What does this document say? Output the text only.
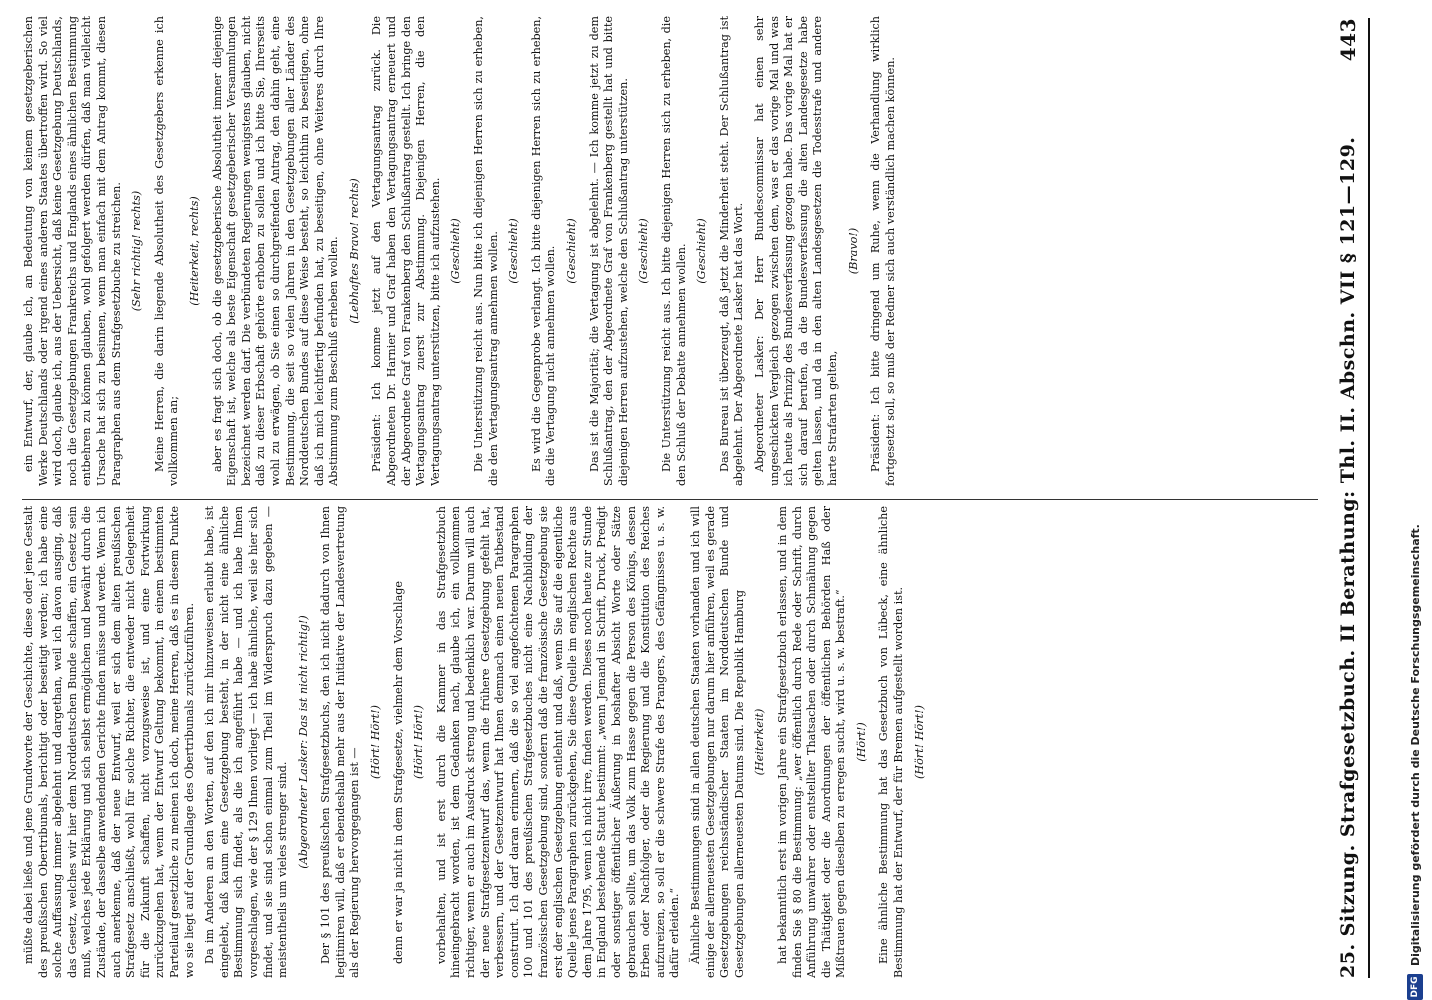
müßte dabei ließe und jene Grundworte der Geschichte, diese oder jene Gestalt des preußischen Obertribunals, berichtigt oder beseitigt werden; ich habe eine solche Auffassung immer abgelehnt und dargethan, weil ich davon ausging, daß das Gesetz, welches wir hier dem Norddeutschen Bunde schaffen, ein Gesetz sein muß, welches jede Erklärung und sich selbst ermöglichen und bewährt durch die Zustände, der dasselbe anwendenden Gerichte finden müsse und werde. Wenn ich auch anerkenne, daß der neue Entwurf, weil er sich dem alten preußischen Strafgesetz anschließt, wohl für solche Richter, die entweder nicht Gelegenheit für die Zukunft schaffen, nicht vorzugsweise ist, und eine Fortwirkung zurückzugehen hat, wenn der Entwurf Geltung bekommt, in einem bestimmten Parteilauf gesetzliche zu meinen ich doch, meine Herren, daß es in diesem Punkte wo sie liegt auf der Grundlage des Obertribunals zurückzuführen. Da im Anderen an den Worten, auf den ich mir hinzuweisen erlaubt habe, ist eingelebt, daß kaum eine Gesetzgebung besteht, in der nicht eine ähnliche Bestimmung sich findet, als die ich angeführt habe — und ich habe Ihnen vorgeschlagen, wie der § 129 Ihnen vorliegt — ich habe ähnliche, weil sie hier sich findet, und sie sind schon einmal zum Theil im Widerspruch dazu gegeben — meistentheils um vieles strenger sind.

(Abgeordneter Lasker: Das ist nicht richtig!) Der § 101 des preußischen Strafgesetzbuchs, den ich nicht dadurch von Ihnen legitimiren will, daß er ebendeshalb mehr aus der Initiative der Landesvertretung als der Regierung hervorgegangen ist —

(Hört! Hört!) denn er war ja nicht in dem Strafgesetze, vielmehr dem Vorschlage (Hört! Hört!) vorbehalten, und ist erst durch die Kammer in das Strafgesetzbuch hineingebracht worden, ist dem Gedanken nach, glaube ich, ein vollkommen richtiger, wenn er auch im Ausdruck streng und bedenklich war. Darum will auch der neue Strafgesetzentwurf das, wenn die frühere Gesetzgebung gefehlt hat, verbessern, und der Gesetzentwurf hat Ihnen demnach einen neuen Tatbestand construirt. Ich darf daran erinnern, daß die so viel angefochtenen Paragraphen 100 und 101 des preußischen Strafgesetzbuches nicht eine Nachbildung der französischen Gesetzgebung sind, sondern daß die französische Gesetzgebung sie erst der englischen Gesetzgebung entlehnt und daß, wenn Sie auf die eigentliche Quelle jenes Paragraphen zurückgehen, Sie diese Quelle im englischen Rechte aus dem Jahre 1795, wenn ich nicht irre, finden werden. Dieses noch heute zur Stunde in England bestehende Statut bestimmt: „wenn Jemand in Schrift, Druck, Predigt oder sonstiger öffentlicher Äußerung in boshafter Absicht Worte oder Sätze gebrauchen sollte, um das Volk zum Hasse gegen die Person des Königs, dessen Erben oder Nachfolger, oder die Regierung und die Konstitution des Reiches aufzureizen, so soll er die schwere Strafe des Prangers, des Gefängnisses u. s. w. dafür erleiden.“ Ähnliche Bestimmungen sind in allen deutschen Staaten vorhanden und ich will einige der allerneuesten Gesetzgebungen nur darum hier anführen, weil es gerade Gesetzgebungen reichsständischer Staaten im Norddeutschen Bunde und Gesetzgebungen allerneuesten Datums sind. Die Republik Hamburg (Heiterkeit) hat bekanntlich erst im vorigen Jahre ein Strafgesetzbuch erlassen, und in dem finden Sie § 80 die Bestimmung: „wer öffentlich durch Rede oder Schrift, durch Anführung unwahrer oder entstellter Thatsachen oder durch Schmähung gegen die Thätigkeit oder die Anordnungen der öffentlichen Behörden Haß oder Mißtrauen gegen dieselben zu erregen sucht, wird u. s. w. bestraft.“ (Hört!) Eine ähnliche Bestimmung hat das Gesetzbuch von Lübeck, eine ähnliche Bestimmung hat der Entwurf, der für Bremen aufgestellt worden ist. (Hört! Hört!)

ein Entwurf, der, glaube ich, an Bedeutung von keinem gesetzgeberischen Werke Deutschlands oder irgend eines anderen Staates übertroffen wird. So viel wird doch, glaube ich, aus der Uebersicht, daß keine Gesetzgebung Deutschlands, noch die Gesetzgebungen Frankreichs und Englands eines ähnlichen Bestimmung entbehren zu können glauben, wohl gefolgert werden dürfen, daß man vielleicht Ursache hat sich zu besinnen, wenn man einfach mit dem Antrag kommt, diesen Paragraphen aus dem Strafgesetzbuche zu streichen. (Sehr richtig! rechts) Meine Herren, die darin liegende Absolutheit des Gesetzgebers erkenne ich vollkommen an;

(Heiterkeit, rechts) aber es fragt sich doch, ob die gesetzgeberische Absolutheit immer diejenige Eigenschaft ist, welche als beste Eigenschaft gesetzgeberischer Versammlungen bezeichnet werden darf. Die verbündeten Regierungen wenigstens glauben, nicht daß zu dieser Erbschaft gehörte erhoben zu sollen und ich bitte Sie, Ihrerseits wohl zu erwägen, ob Sie einen so durchgreifenden Antrag, den dahin geht, eine Bestimmung, die seit so vielen Jahren in den Gesetzgebungen aller Länder des Norddeutschen Bundes auf diese Weise besteht, so leichthin zu beseitigen, ohne daß ich mich leichtfertig befunden hat, zu beseitigen, ohne Weiteres durch Ihre Abstimmung zum Beschluß erheben wollen. (Lebhaftes Bravo! rechts) Präsident: Ich komme jetzt auf den Vertagungsantrag zurück. Die Abgeordneten Dr. Harnier und Graf haben den Vertagungsantrag erneuert und der Abgeordnete Graf von Frankenberg den Schlußantrag gestellt. Ich bringe den Vertagungsantrag zuerst zur Abstimmung. Diejenigen Herren, die den Vertagungsantrag unterstützen, bitte ich aufzustehen. (Geschieht) Die Unterstützung reicht aus. Nun bitte ich diejenigen Herren sich zu erheben, die den Vertagungsantrag annehmen wollen. (Geschieht) Es wird die Gegenprobe verlangt. Ich bitte diejenigen Herren sich zu erheben, die die Vertagung nicht annehmen wollen. (Geschieht) Das ist die Majorität; die Vertagung ist abgelehnt. — Ich komme jetzt zu dem Schlußantrag, den der Abgeordnete Graf von Frankenberg gestellt hat und bitte diejenigen Herren aufzustehen, welche den Schlußantrag unterstützen. (Geschieht) Die Unterstützung reicht aus. Ich bitte diejenigen Herren sich zu erheben, die den Schluß der Debatte annehmen wollen. (Geschieht) Das Bureau ist überzeugt, daß jetzt die Minderheit steht. Der Schlußantrag ist abgelehnt. Der Abgeordnete Lasker hat das Wort. Abgeordneter Lasker: Der Herr Bundescommissar hat einen sehr ungeschickten Vergleich gezogen zwischen dem, was er das vorige Mal und was ich heute als Prinzip des Bundesverfassung gezogen habe. Das vorige Mal hat er sich darauf berufen, da die Bundesverfassung die alten Landesgesetze habe gelten lassen, und da in den alten Landesgesetzen die Todesstrafe und andere harte Strafarten gelten,

(Bravo!) Präsident: Ich bitte dringend um Ruhe, wenn die Verhandlung wirklich fortgesetzt soll, so muß der Redner sich auch verständlich machen können.	25. Sitzung. Strafgesetzbuch. II Berathung: Thl. II. Abschn. VII § 121—129.
443
DFG
Digitalisierung gefördert durch die Deutsche Forschungsgemeinschaft.
